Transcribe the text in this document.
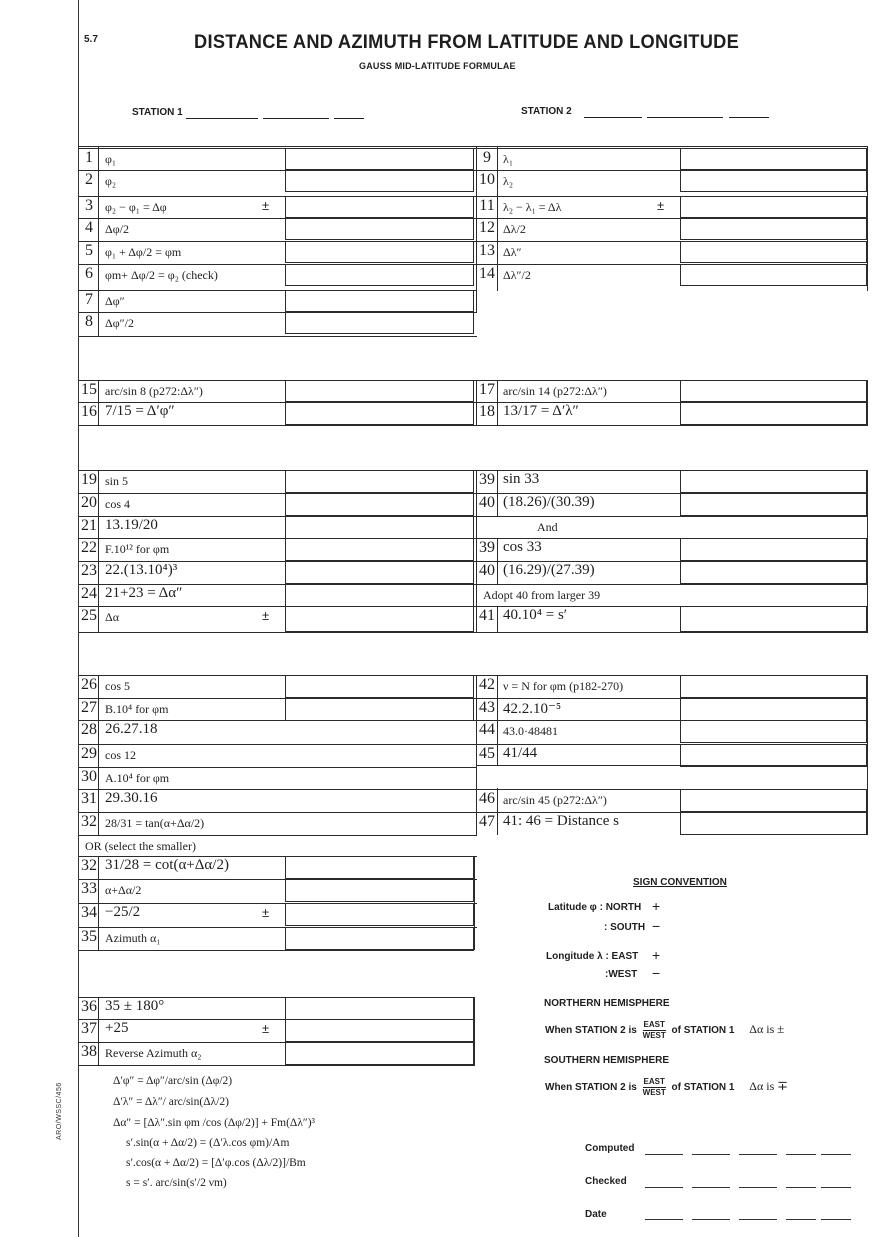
ARO/WSSC/456
5.7	DISTANCE AND AZIMUTH FROM LATITUDE AND LONGITUDE
GAUSS MID-LATITUDE FORMULAE
STATION 1	STATION 2
1	φ₁
2	φ₂
3	φ₂ − φ₁ = Δφ	±
4	Δφ/2
5	φ₁ + Δφ/2 = φm
6	φm+ Δφ/2 = φ₂ (check)
7	Δφ″
8	Δφ″/2
9	λ₁
10 λ₂
11 λ₂ − λ₁ = Δλ	±
12 Δλ/2
13 Δλ″
14 Δλ″/2
15 arc/sin 8 (p272:Δλ″)
16 7/15 = Δ′φ″
17 arc/sin 14 (p272:Δλ″)
18 13/17 = Δ′λ″
19 sin 5
20 cos 4
21 13.19/20
22 F.10¹² for φm
23 22.(13.10⁴)³
24 21+23 = Δα″
25 Δα	±
39 sin 33
40 (18.26)/(30.39)
And
39 cos 33
40 (16.29)/(27.39)
Adopt 40 from larger 39
41 40.10⁴ = s′
26 cos 5
27 B.10⁴ for φm
28 26.27.18
29 cos 12
30 A.10⁴ for φm
31 29.30.16
32 28/31 = tan(α+Δα/2)
OR (select the smaller)
32 31/28 = cot(α+Δα/2)
33 α+Δα/2
34 −25/2	±
35 Azimuth α₁
42 ν = N for φm (p182-270)
43 42.2.10⁻⁵
44 43.0·48481
45 41/44
46 arc/sin 45 (p272:Δλ″)
47 41: 46 = Distance s
36 35 ± 180°
37 +25	±
38 Reverse Azimuth α₂
Δ′φ″ = Δφ″/arc/sin (Δφ/2)
Δ′λ″ = Δλ″/ arc/sin(Δλ/2)
Δα″ = [Δλ″.sin φm /cos (Δφ/2)] + Fm(Δλ″)³
s′.sin(α + Δα/2) = (Δ′λ.cos φm)/Am
s′.cos(α + Δα/2) = [Δ′φ.cos (Δλ/2)]/Bm
s = s′. arc/sin(s′/2 νm)
SIGN CONVENTION
Latitude φ : NORTH +
: SOUTH −
Longitude λ : EAST +
:WEST −
NORTHERN HEMISPHERE
When STATION 2 is $\frac{\text{EAST}}{\text{WEST}}$ of STATION 1 Δα is ±
SOUTHERN HEMISPHERE
When STATION 2 is $\frac{\text{EAST}}{\text{WEST}}$ of STATION 1 Δα is ∓
Computed
Checked
Date
